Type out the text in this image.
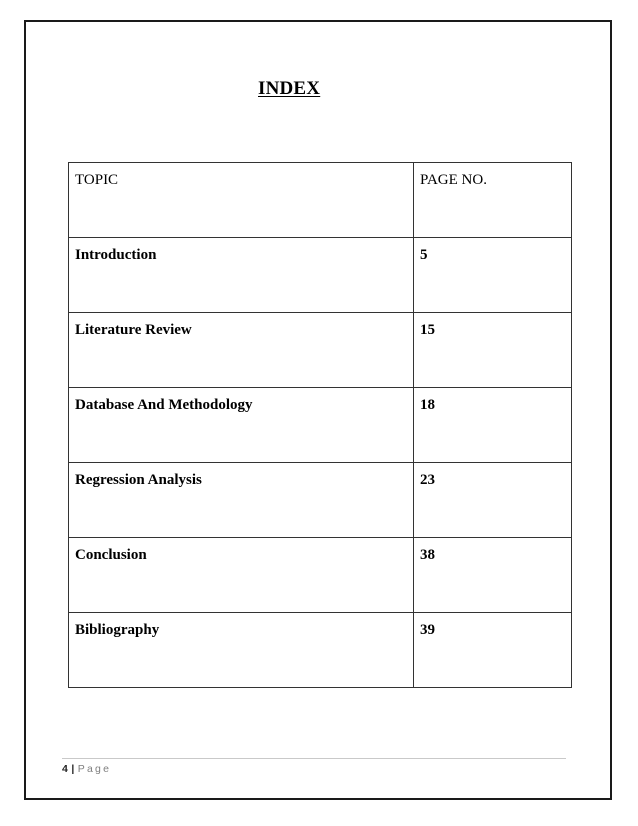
INDEX
TOPIC	PAGE NO.
Introduction	5
Literature Review	15
Database And Methodology	18
Regression Analysis	23
Conclusion	38
Bibliography	39
4 | Page
